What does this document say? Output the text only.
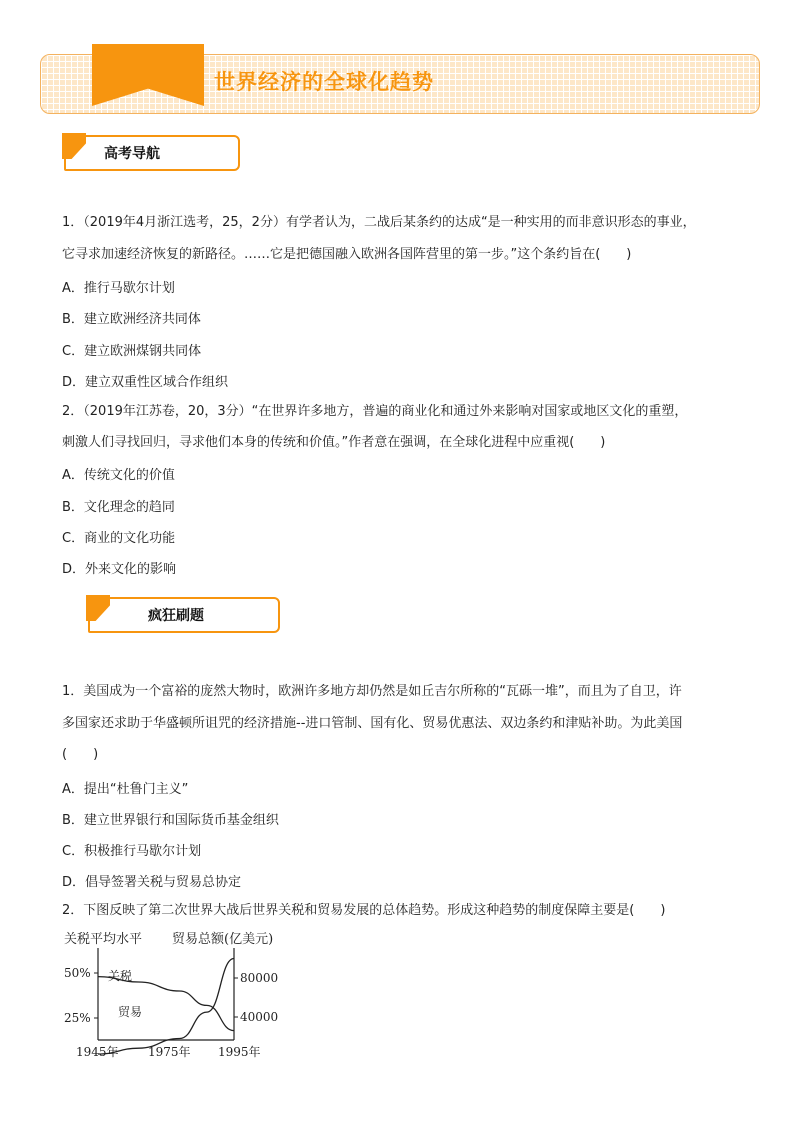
世界经济的全球化趋势
高考导航
1．（2019年4月浙江选考，25，2分）有学者认为，二战后某条约的达成“是一种实用的而非意识形态的事业，
它寻求加速经济恢复的新路径。……它是把德国融入欧洲各国阵营里的第一步。”这个条约旨在(　　)
A．推行马歇尔计划
B．建立欧洲经济共同体
C．建立欧洲煤钢共同体
D．建立双重性区域合作组织
2．（2019年江苏卷，20，3分）“在世界许多地方，普遍的商业化和通过外来影响对国家或地区文化的重塑，
刺激人们寻找回归，寻求他们本身的传统和价值。”作者意在强调，在全球化进程中应重视(　　)
A．传统文化的价值
B．文化理念的趋同
C．商业的文化功能
D．外来文化的影响
疯狂刷题
1．美国成为一个富裕的庞然大物时，欧洲许多地方却仍然是如丘吉尔所称的“瓦砾一堆”，而且为了自卫，许
多国家还求助于华盛顿所诅咒的经济措施--进口管制、国有化、贸易优惠法、双边条约和津贴补助。为此美国
(　　)
A．提出“杜鲁门主义”
B．建立世界银行和国际货币基金组织
C．积极推行马歇尔计划
D．倡导签署关税与贸易总协定
2．下图反映了第二次世界大战后世界关税和贸易发展的总体趋势。形成这种趋势的制度保障主要是(　　)
关税平均水平 贸易总额(亿美元)
50%
25%
80000
40000
1945年 1975年 1995年
关税
贸易
